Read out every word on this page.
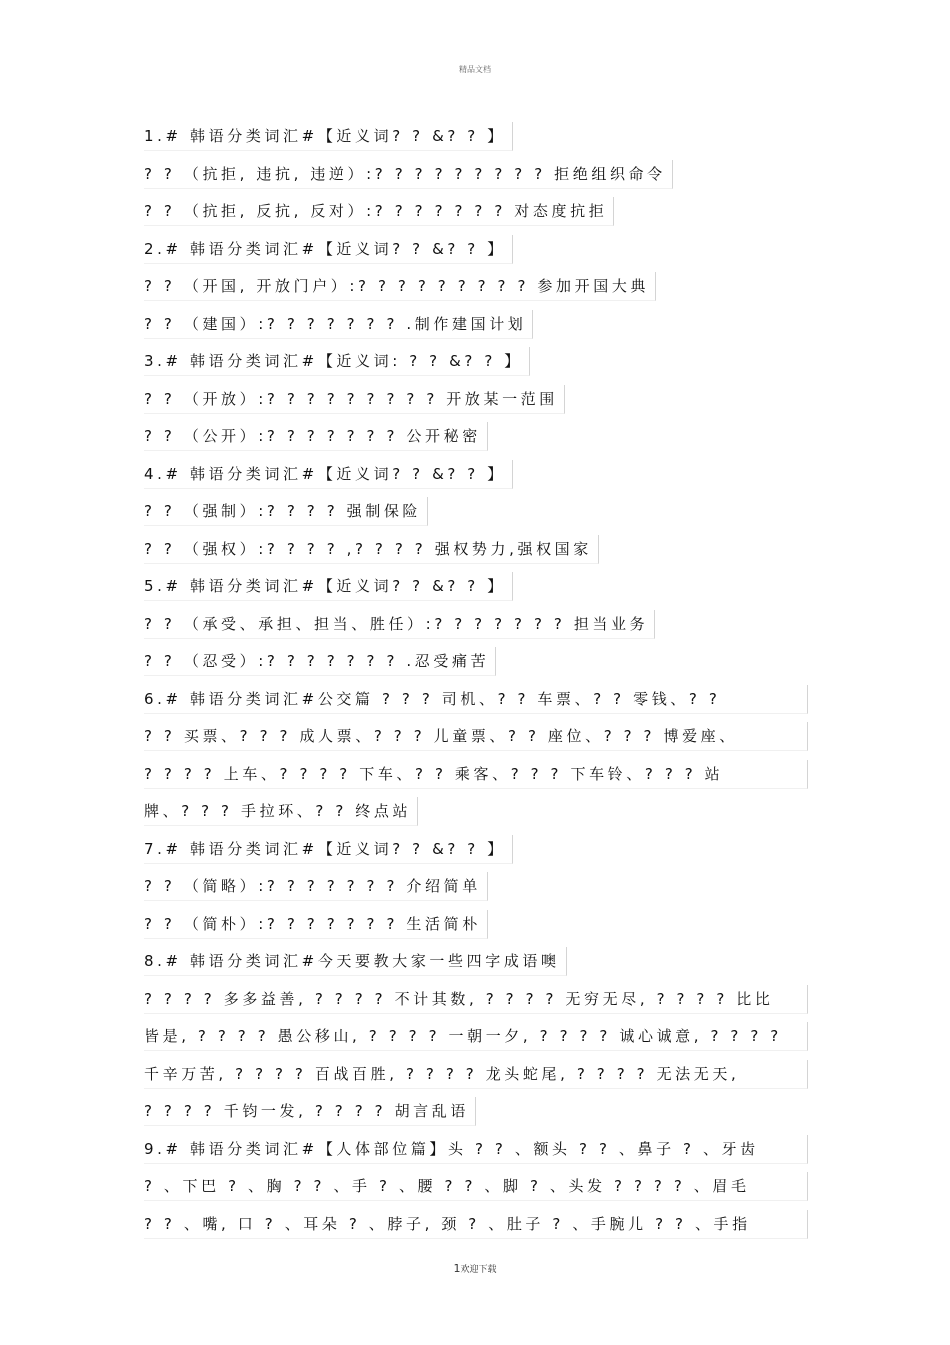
精品文档
1.# 韩语分类词汇#【近义词? ? &? ? 】
? ? （抗拒, 违抗, 违逆）:? ? ? ? ? ? ? ? ? 拒绝组织命令
? ? （抗拒, 反抗, 反对）:? ? ? ? ? ? ? 对态度抗拒
2.# 韩语分类词汇#【近义词? ? &? ? 】
? ? （开国, 开放门户）:? ? ? ? ? ? ? ? ? 参加开国大典
? ? （建国）:? ? ? ? ? ? ? .制作建国计划
3.# 韩语分类词汇#【近义词: ? ? &? ? 】
? ? （开放）:? ? ? ? ? ? ? ? ? 开放某一范围
? ? （公开）:? ? ? ? ? ? ? 公开秘密
4.# 韩语分类词汇#【近义词? ? &? ? 】
? ? （强制）:? ? ? ? 强制保险
? ? （强权）:? ? ? ? ,? ? ? ? 强权势力,强权国家
5.# 韩语分类词汇#【近义词? ? &? ? 】
? ? （承受、承担、担当、胜任）:? ? ? ? ? ? ? 担当业务
? ? （忍受）:? ? ? ? ? ? ? .忍受痛苦
6.# 韩语分类词汇#公交篇 ? ? ? 司机、? ? 车票、? ? 零钱、? ?
? ? 买票、? ? ? 成人票、? ? ? 儿童票、? ? 座位、? ? ? 博爱座、
? ? ? ? 上车、? ? ? ? 下车、? ? 乘客、? ? ? 下车铃、? ? ? 站
牌、? ? ? 手拉环、? ? 终点站
7.# 韩语分类词汇#【近义词? ? &? ? 】
? ? （简略）:? ? ? ? ? ? ? 介绍简单
? ? （简朴）:? ? ? ? ? ? ? 生活简朴
8.# 韩语分类词汇#今天要教大家一些四字成语噢
? ? ? ? 多多益善, ? ? ? ? 不计其数, ? ? ? ? 无穷无尽, ? ? ? ? 比比
皆是, ? ? ? ? 愚公移山, ? ? ? ? 一朝一夕, ? ? ? ? 诚心诚意, ? ? ? ?
千辛万苦, ? ? ? ? 百战百胜, ? ? ? ? 龙头蛇尾, ? ? ? ? 无法无天,
? ? ? ? 千钧一发, ? ? ? ? 胡言乱语
9.# 韩语分类词汇#【人体部位篇】头 ? ? 、额头 ? ? 、鼻子 ? 、牙齿
? 、下巴 ? 、胸 ? ? 、手 ? 、腰 ? ? 、脚 ? 、头发 ? ? ? ? 、眉毛
? ? 、嘴, 口 ? 、耳朵 ? 、脖子, 颈 ? 、肚子 ? 、手腕儿 ? ? 、手指
1欢迎下载
